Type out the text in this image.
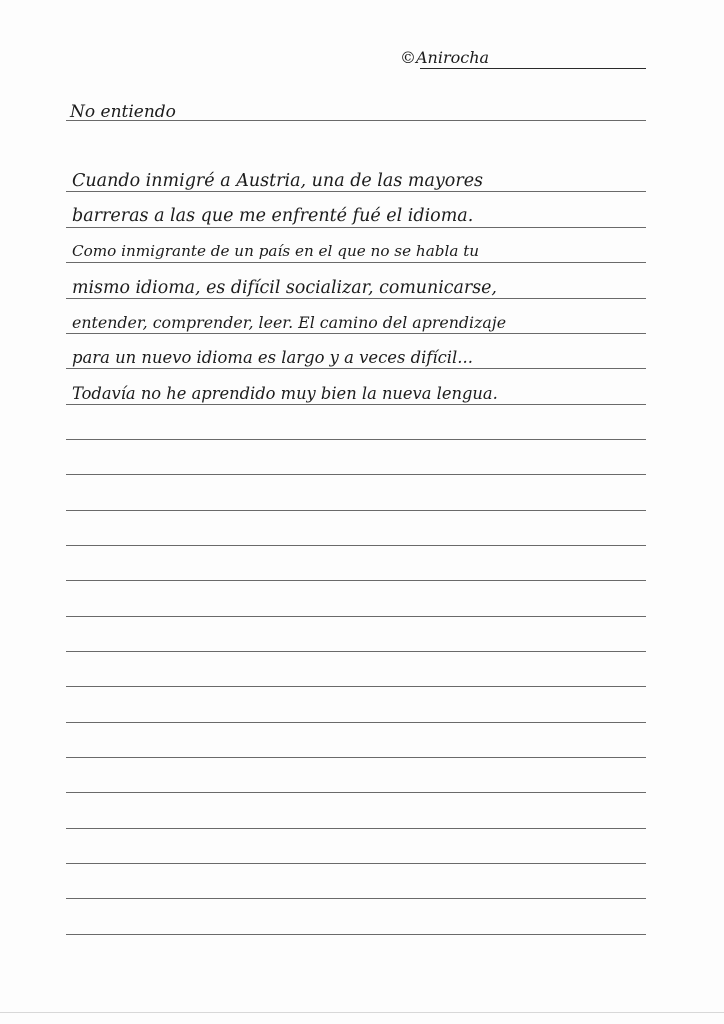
©Anirocha
No entiendo
Cuando inmigré a Austria, una de las mayores
barreras a las que me enfrenté fué el idioma.
Como inmigrante de un país en el que no se habla tu
mismo idioma, es difícil socializar, comunicarse,
entender, comprender, leer. El camino del aprendizaje
para un nuevo idioma es largo y a veces difícil...
Todavía no he aprendido muy bien la nueva lengua.
